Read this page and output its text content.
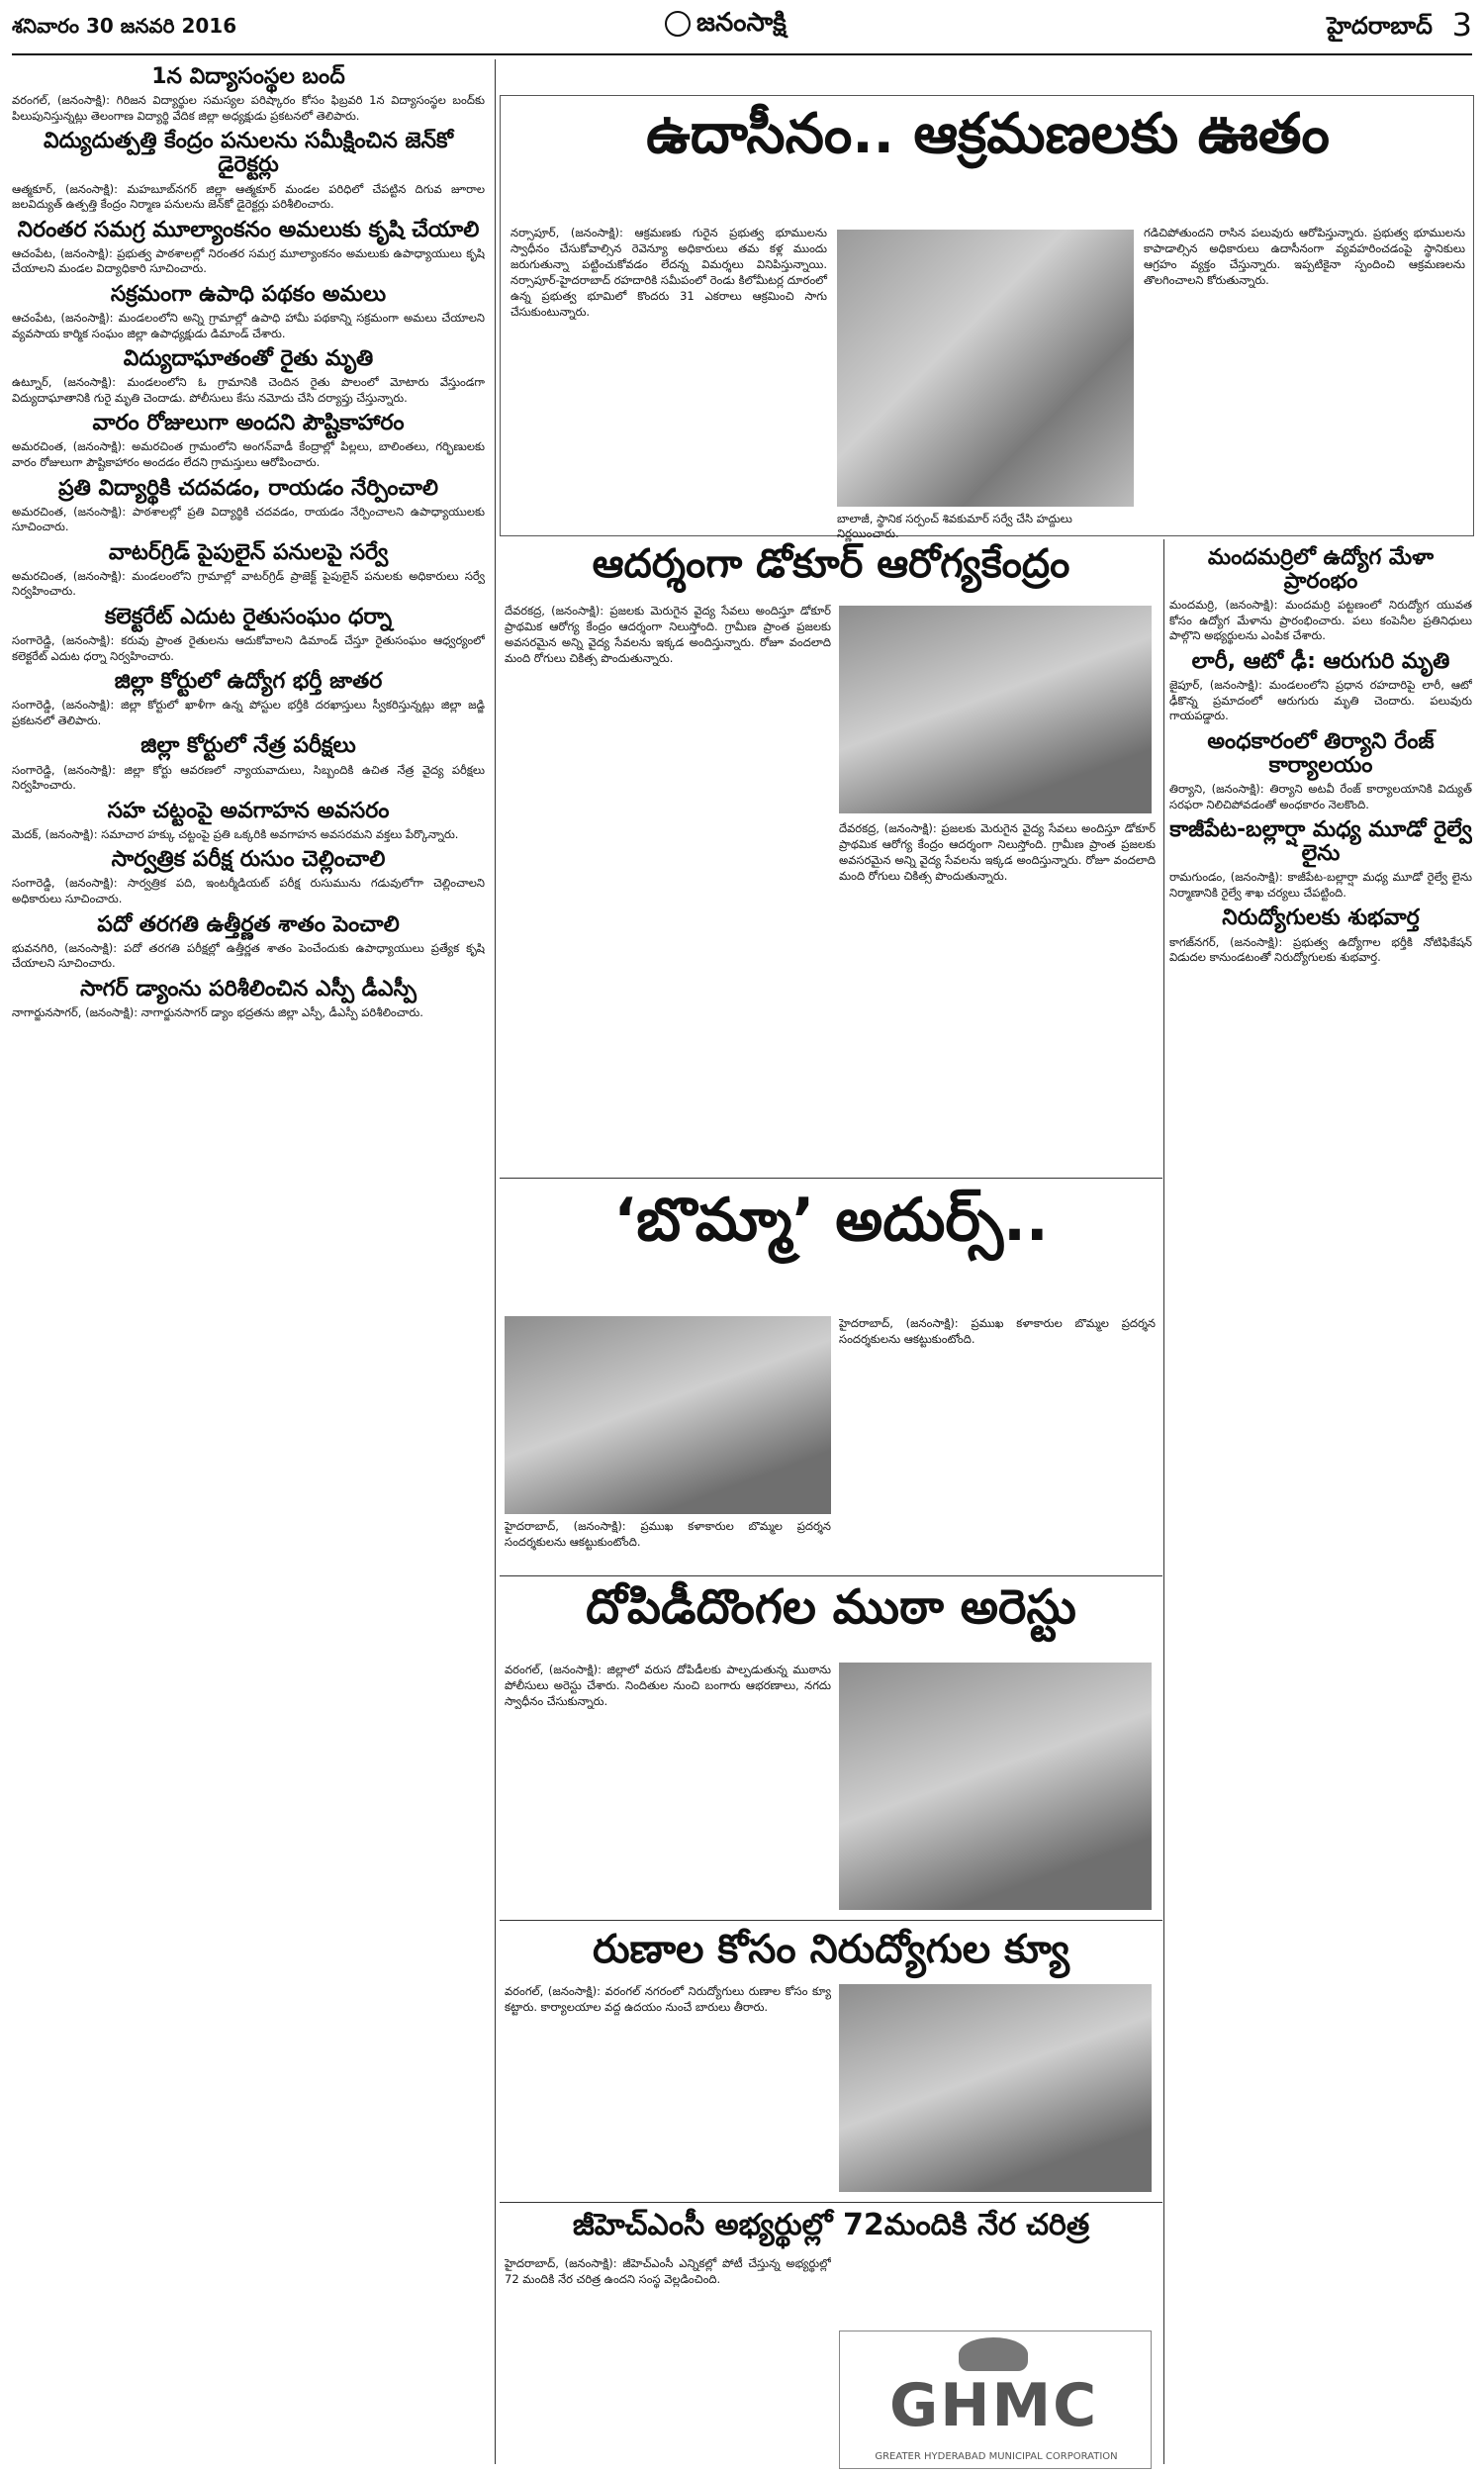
శనివారం 30 జనవరి 2016	జనంసాక్షి	హైదరాబాద్ 3
1న విద్యాసంస్థల బంద్‌

వరంగల్‌, (జనంసాక్షి): గిరిజన విద్యార్థుల సమస్యల పరిష్కారం కోసం ఫిబ్రవరి 1న విద్యాసంస్థల బంద్‌కు పిలుపునిస్తున్నట్లు తెలంగాణ విద్యార్థి వేదిక జిల్లా అధ్యక్షుడు ప్రకటనలో తెలిపారు.

విద్యుదుత్పత్తి కేంద్రం పనులను సమీక్షించిన జెన్‌కో డైరెక్టర్లు

ఆత్మకూర్‌, (జనంసాక్షి): మహబూబ్‌నగర్‌ జిల్లా ఆత్మకూర్‌ మండల పరిధిలో చేపట్టిన దిగువ జూరాల జలవిద్యుత్‌ ఉత్పత్తి కేంద్రం నిర్మాణ పనులను జెన్‌కో డైరెక్టర్లు పరిశీలించారు.

నిరంతర సమగ్ర మూల్యాంకనం అమలుకు కృషి చేయాలి

ఆచంపేట, (జనంసాక్షి): ప్రభుత్వ పాఠశాలల్లో నిరంతర సమగ్ర మూల్యాంకనం అమలుకు ఉపాధ్యాయులు కృషి చేయాలని మండల విద్యాధికారి సూచించారు.

సక్రమంగా ఉపాధి పథకం అమలు

ఆచంపేట, (జనంసాక్షి): మండలంలోని అన్ని గ్రామాల్లో ఉపాధి హామీ పథకాన్ని సక్రమంగా అమలు చేయాలని వ్యవసాయ కార్మిక సంఘం జిల్లా ఉపాధ్యక్షుడు డిమాండ్‌ చేశారు.

విద్యుదాఘాతంతో రైతు మృతి

ఉట్నూర్‌, (జనంసాక్షి): మండలంలోని ఓ గ్రామానికి చెందిన రైతు పొలంలో మోటారు వేస్తుండగా విద్యుదాఘాతానికి గురై మృతి చెందాడు. పోలీసులు కేసు నమోదు చేసి దర్యాప్తు చేస్తున్నారు.

వారం రోజులుగా అందని పౌష్టికాహారం

అమరచింత, (జనంసాక్షి): అమరచింత గ్రామంలోని అంగన్‌వాడీ కేంద్రాల్లో పిల్లలు, బాలింతలు, గర్భిణులకు వారం రోజులుగా పౌష్టికాహారం అందడం లేదని గ్రామస్తులు ఆరోపించారు.

ప్రతి విద్యార్థికి చదవడం, రాయడం నేర్పించాలి

అమరచింత, (జనంసాక్షి): పాఠశాలల్లో ప్రతి విద్యార్థికి చదవడం, రాయడం నేర్పించాలని ఉపాధ్యాయులకు సూచించారు.

వాటర్‌గ్రిడ్‌ పైపులైన్‌ పనులపై సర్వే

అమరచింత, (జనంసాక్షి): మండలంలోని గ్రామాల్లో వాటర్‌గ్రిడ్‌ ప్రాజెక్ట్‌ పైపులైన్‌ పనులకు అధికారులు సర్వే నిర్వహించారు.

కలెక్టరేట్‌ ఎదుట రైతుసంఘం ధర్నా

సంగారెడ్డి, (జనంసాక్షి): కరువు ప్రాంత రైతులను ఆదుకోవాలని డిమాండ్‌ చేస్తూ రైతుసంఘం ఆధ్వర్యంలో కలెక్టరేట్‌ ఎదుట ధర్నా నిర్వహించారు.

జిల్లా కోర్టులో ఉద్యోగ భర్తీ జాతర

సంగారెడ్డి, (జనంసాక్షి): జిల్లా కోర్టులో ఖాళీగా ఉన్న పోస్టుల భర్తీకి దరఖాస్తులు స్వీకరిస్తున్నట్లు జిల్లా జడ్జి ప్రకటనలో తెలిపారు.

జిల్లా కోర్టులో నేత్ర పరీక్షలు

సంగారెడ్డి, (జనంసాక్షి): జిల్లా కోర్టు ఆవరణలో న్యాయవాదులు, సిబ్బందికి ఉచిత నేత్ర వైద్య పరీక్షలు నిర్వహించారు.

సహ చట్టంపై అవగాహన అవసరం

మెదక్‌, (జనంసాక్షి): సమాచార హక్కు చట్టంపై ప్రతి ఒక్కరికి అవగాహన అవసరమని వక్తలు పేర్కొన్నారు.

సార్వత్రిక పరీక్ష రుసుం చెల్లించాలి

సంగారెడ్డి, (జనంసాక్షి): సార్వత్రిక పది, ఇంటర్మీడియట్‌ పరీక్ష రుసుమును గడువులోగా చెల్లించాలని అధికారులు సూచించారు.

పదో తరగతి ఉత్తీర్ణత శాతం పెంచాలి

భువనగిరి, (జనంసాక్షి): పదో తరగతి పరీక్షల్లో ఉత్తీర్ణత శాతం పెంచేందుకు ఉపాధ్యాయులు ప్రత్యేక కృషి చేయాలని సూచించారు.

సాగర్‌ డ్యాంను పరిశీలించిన ఎస్పీ డీఎస్పీ

నాగార్జునసాగర్‌, (జనంసాక్షి): నాగార్జునసాగర్‌ డ్యాం భద్రతను జిల్లా ఎస్పీ, డీఎస్పీ పరిశీలించారు.

ఉదాసీనం.. ఆక్రమణలకు ఊతం
నర్సాపూర్‌, (జనంసాక్షి): ఆక్రమణకు గురైన ప్రభుత్వ భూములను స్వాధీనం చేసుకోవాల్సిన రెవెన్యూ అధికారులు తమ కళ్ల ముందు జరుగుతున్నా పట్టించుకోవడం లేదన్న విమర్శలు వినిపిస్తున్నాయి. నర్సాపూర్‌-హైదరాబాద్‌ రహదారికి సమీపంలో రెండు కిలోమీటర్ల దూరంలో ఉన్న ప్రభుత్వ భూమిలో కొందరు 31 ఎకరాలు ఆక్రమించి సాగు చేసుకుంటున్నారు.
గడిచిపోతుందని రాసిన పలువురు ఆరోపిస్తున్నారు. ప్రభుత్వ భూములను కాపాడాల్సిన అధికారులు ఉదాసీనంగా వ్యవహరించడంపై స్థానికులు ఆగ్రహం వ్యక్తం చేస్తున్నారు. ఇప్పటికైనా స్పందించి ఆక్రమణలను తొలగించాలని కోరుతున్నారు.
బాలాజీ, స్థానిక సర్పంచ్‌ శివకుమార్‌ సర్వే చేసి హద్దులు నిర్ణయించారు.
ఆదర్శంగా డోకూర్‌ ఆరోగ్యకేంద్రం
దేవరకద్ర, (జనంసాక్షి): ప్రజలకు మెరుగైన వైద్య సేవలు అందిస్తూ డోకూర్‌ ప్రాథమిక ఆరోగ్య కేంద్రం ఆదర్శంగా నిలుస్తోంది. గ్రామీణ ప్రాంత ప్రజలకు అవసరమైన అన్ని వైద్య సేవలను ఇక్కడ అందిస్తున్నారు. రోజూ వందలాది మంది రోగులు చికిత్స పొందుతున్నారు.
దేవరకద్ర, (జనంసాక్షి): ప్రజలకు మెరుగైన వైద్య సేవలు అందిస్తూ డోకూర్‌ ప్రాథమిక ఆరోగ్య కేంద్రం ఆదర్శంగా నిలుస్తోంది. గ్రామీణ ప్రాంత ప్రజలకు అవసరమైన అన్ని వైద్య సేవలను ఇక్కడ అందిస్తున్నారు. రోజూ వందలాది మంది రోగులు చికిత్స పొందుతున్నారు.
‘బొమ్మా’ అదుర్స్‌..
హైదరాబాద్‌, (జనంసాక్షి): ప్రముఖ కళాకారుల బొమ్మల ప్రదర్శన సందర్శకులను ఆకట్టుకుంటోంది.
హైదరాబాద్‌, (జనంసాక్షి): ప్రముఖ కళాకారుల బొమ్మల ప్రదర్శన సందర్శకులను ఆకట్టుకుంటోంది.
దోపిడీదొంగల ముఠా అరెస్టు
వరంగల్‌, (జనంసాక్షి): జిల్లాలో వరుస దోపిడీలకు పాల్పడుతున్న ముఠాను పోలీసులు అరెస్టు చేశారు. నిందితుల నుంచి బంగారు ఆభరణాలు, నగదు స్వాధీనం చేసుకున్నారు.
రుణాల కోసం నిరుద్యోగుల క్యూ
వరంగల్‌, (జనంసాక్షి): వరంగల్‌ నగరంలో నిరుద్యోగులు రుణాల కోసం క్యూ కట్టారు. కార్యాలయాల వద్ద ఉదయం నుంచే బారులు తీరారు.
జీహెచ్‌ఎంసీ అభ్యర్థుల్లో 72మందికి నేర చరిత్ర
హైదరాబాద్‌, (జనంసాక్షి): జీహెచ్‌ఎంసీ ఎన్నికల్లో పోటీ చేస్తున్న అభ్యర్థుల్లో 72 మందికి నేర చరిత్ర ఉందని సంస్థ వెల్లడించింది.
GHMC
GREATER HYDERABAD MUNICIPAL CORPORATION
మందమర్రిలో ఉద్యోగ మేళా ప్రారంభం

మందమర్రి, (జనంసాక్షి): మందమర్రి పట్టణంలో నిరుద్యోగ యువత కోసం ఉద్యోగ మేళాను ప్రారంభించారు. పలు కంపెనీల ప్రతినిధులు పాల్గొని అభ్యర్థులను ఎంపిక చేశారు.

లారీ, ఆటో ఢీ: ఆరుగురి మృతి

జైపూర్‌, (జనంసాక్షి): మండలంలోని ప్రధాన రహదారిపై లారీ, ఆటో ఢీకొన్న ప్రమాదంలో ఆరుగురు మృతి చెందారు. పలువురు గాయపడ్డారు.

అంధకారంలో తిర్యాని రేంజ్‌ కార్యాలయం

తిర్యాని, (జనంసాక్షి): తిర్యాని అటవీ రేంజ్‌ కార్యాలయానికి విద్యుత్‌ సరఫరా నిలిచిపోవడంతో అంధకారం నెలకొంది.

కాజీపేట-బల్లార్షా మధ్య మూడో రైల్వే లైను

రామగుండం, (జనంసాక్షి): కాజీపేట-బల్లార్షా మధ్య మూడో రైల్వే లైను నిర్మాణానికి రైల్వే శాఖ చర్యలు చేపట్టింది.

నిరుద్యోగులకు శుభవార్త

కాగజ్‌నగర్‌, (జనంసాక్షి): ప్రభుత్వ ఉద్యోగాల భర్తీకి నోటిఫికేషన్‌ విడుదల కానుండటంతో నిరుద్యోగులకు శుభవార్త.
